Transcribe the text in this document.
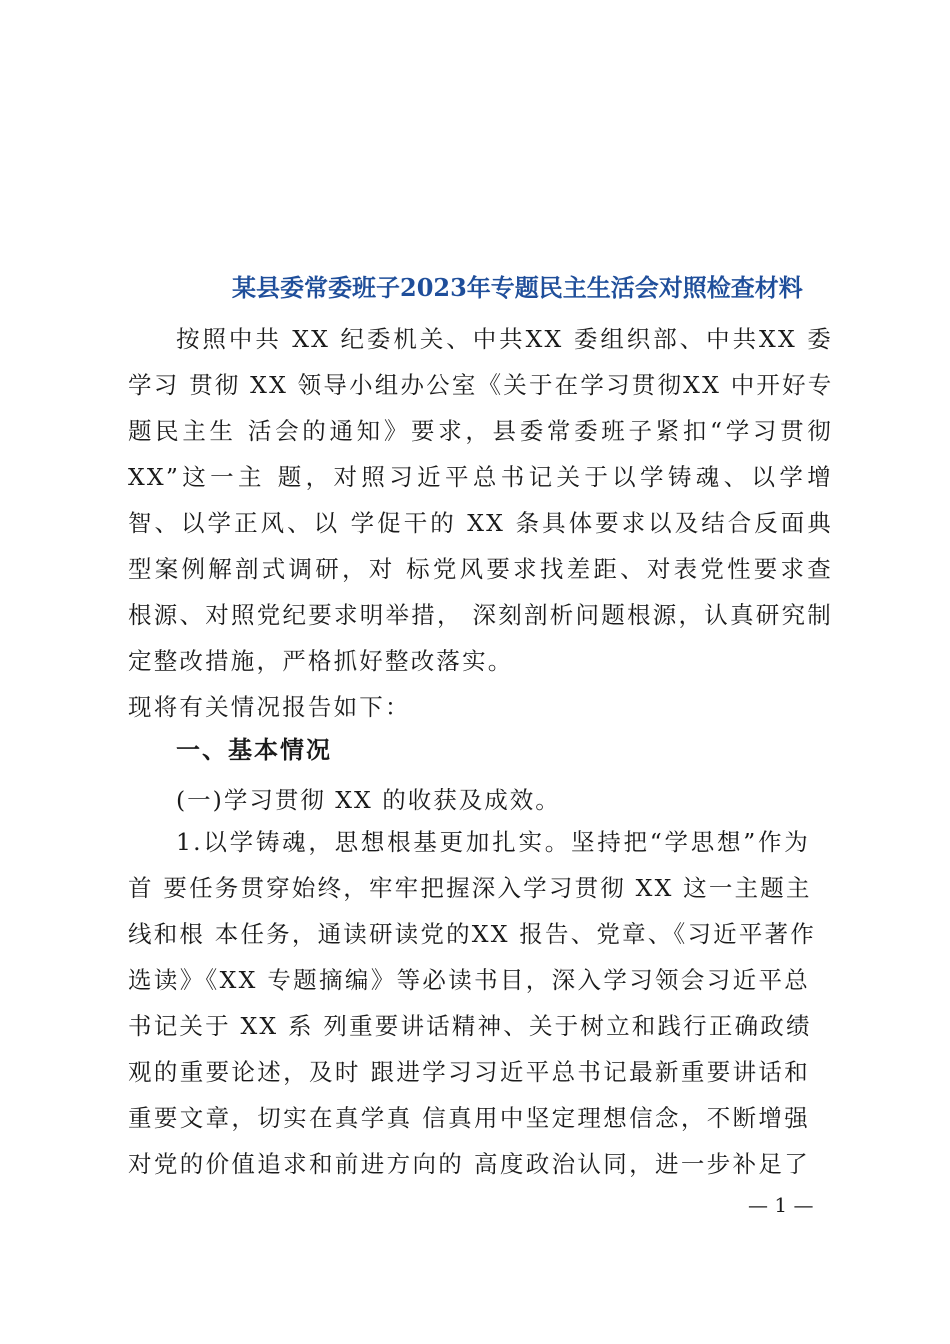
某县委常委班子2023年专题民主生活会对照检查材料
按照中共 XX 纪委机关、中共XX 委组织部、中共XX 委
学习 贯彻 XX 领导小组办公室《关于在学习贯彻XX 中开好专
题民主生 活会的通知》要求，县委常委班子紧扣“学习贯彻
XX”这一主 题，对照习近平总书记关于以学铸魂、以学增
智、以学正风、以 学促干的 XX 条具体要求以及结合反面典
型案例解剖式调研，对 标党风要求找差距、对表党性要求查
根源、对照党纪要求明举措， 深刻剖析问题根源，认真研究制
定整改措施，严格抓好整改落实。
现将有关情况报告如下：
一、基本情况
(一)学习贯彻 XX 的收获及成效。
1.以学铸魂，思想根基更加扎实。坚持把“学思想”作为
首 要任务贯穿始终，牢牢把握深入学习贯彻 XX 这一主题主
线和根 本任务，通读研读党的XX 报告、党章、《习近平著作
选读》《XX 专题摘编》等必读书目，深入学习领会习近平总
书记关于 XX 系 列重要讲话精神、关于树立和践行正确政绩
观的重要论述，及时 跟进学习习近平总书记最新重要讲话和
重要文章，切实在真学真 信真用中坚定理想信念，不断增强
对党的价值追求和前进方向的 高度政治认同，进一步补足了
— 1 —
